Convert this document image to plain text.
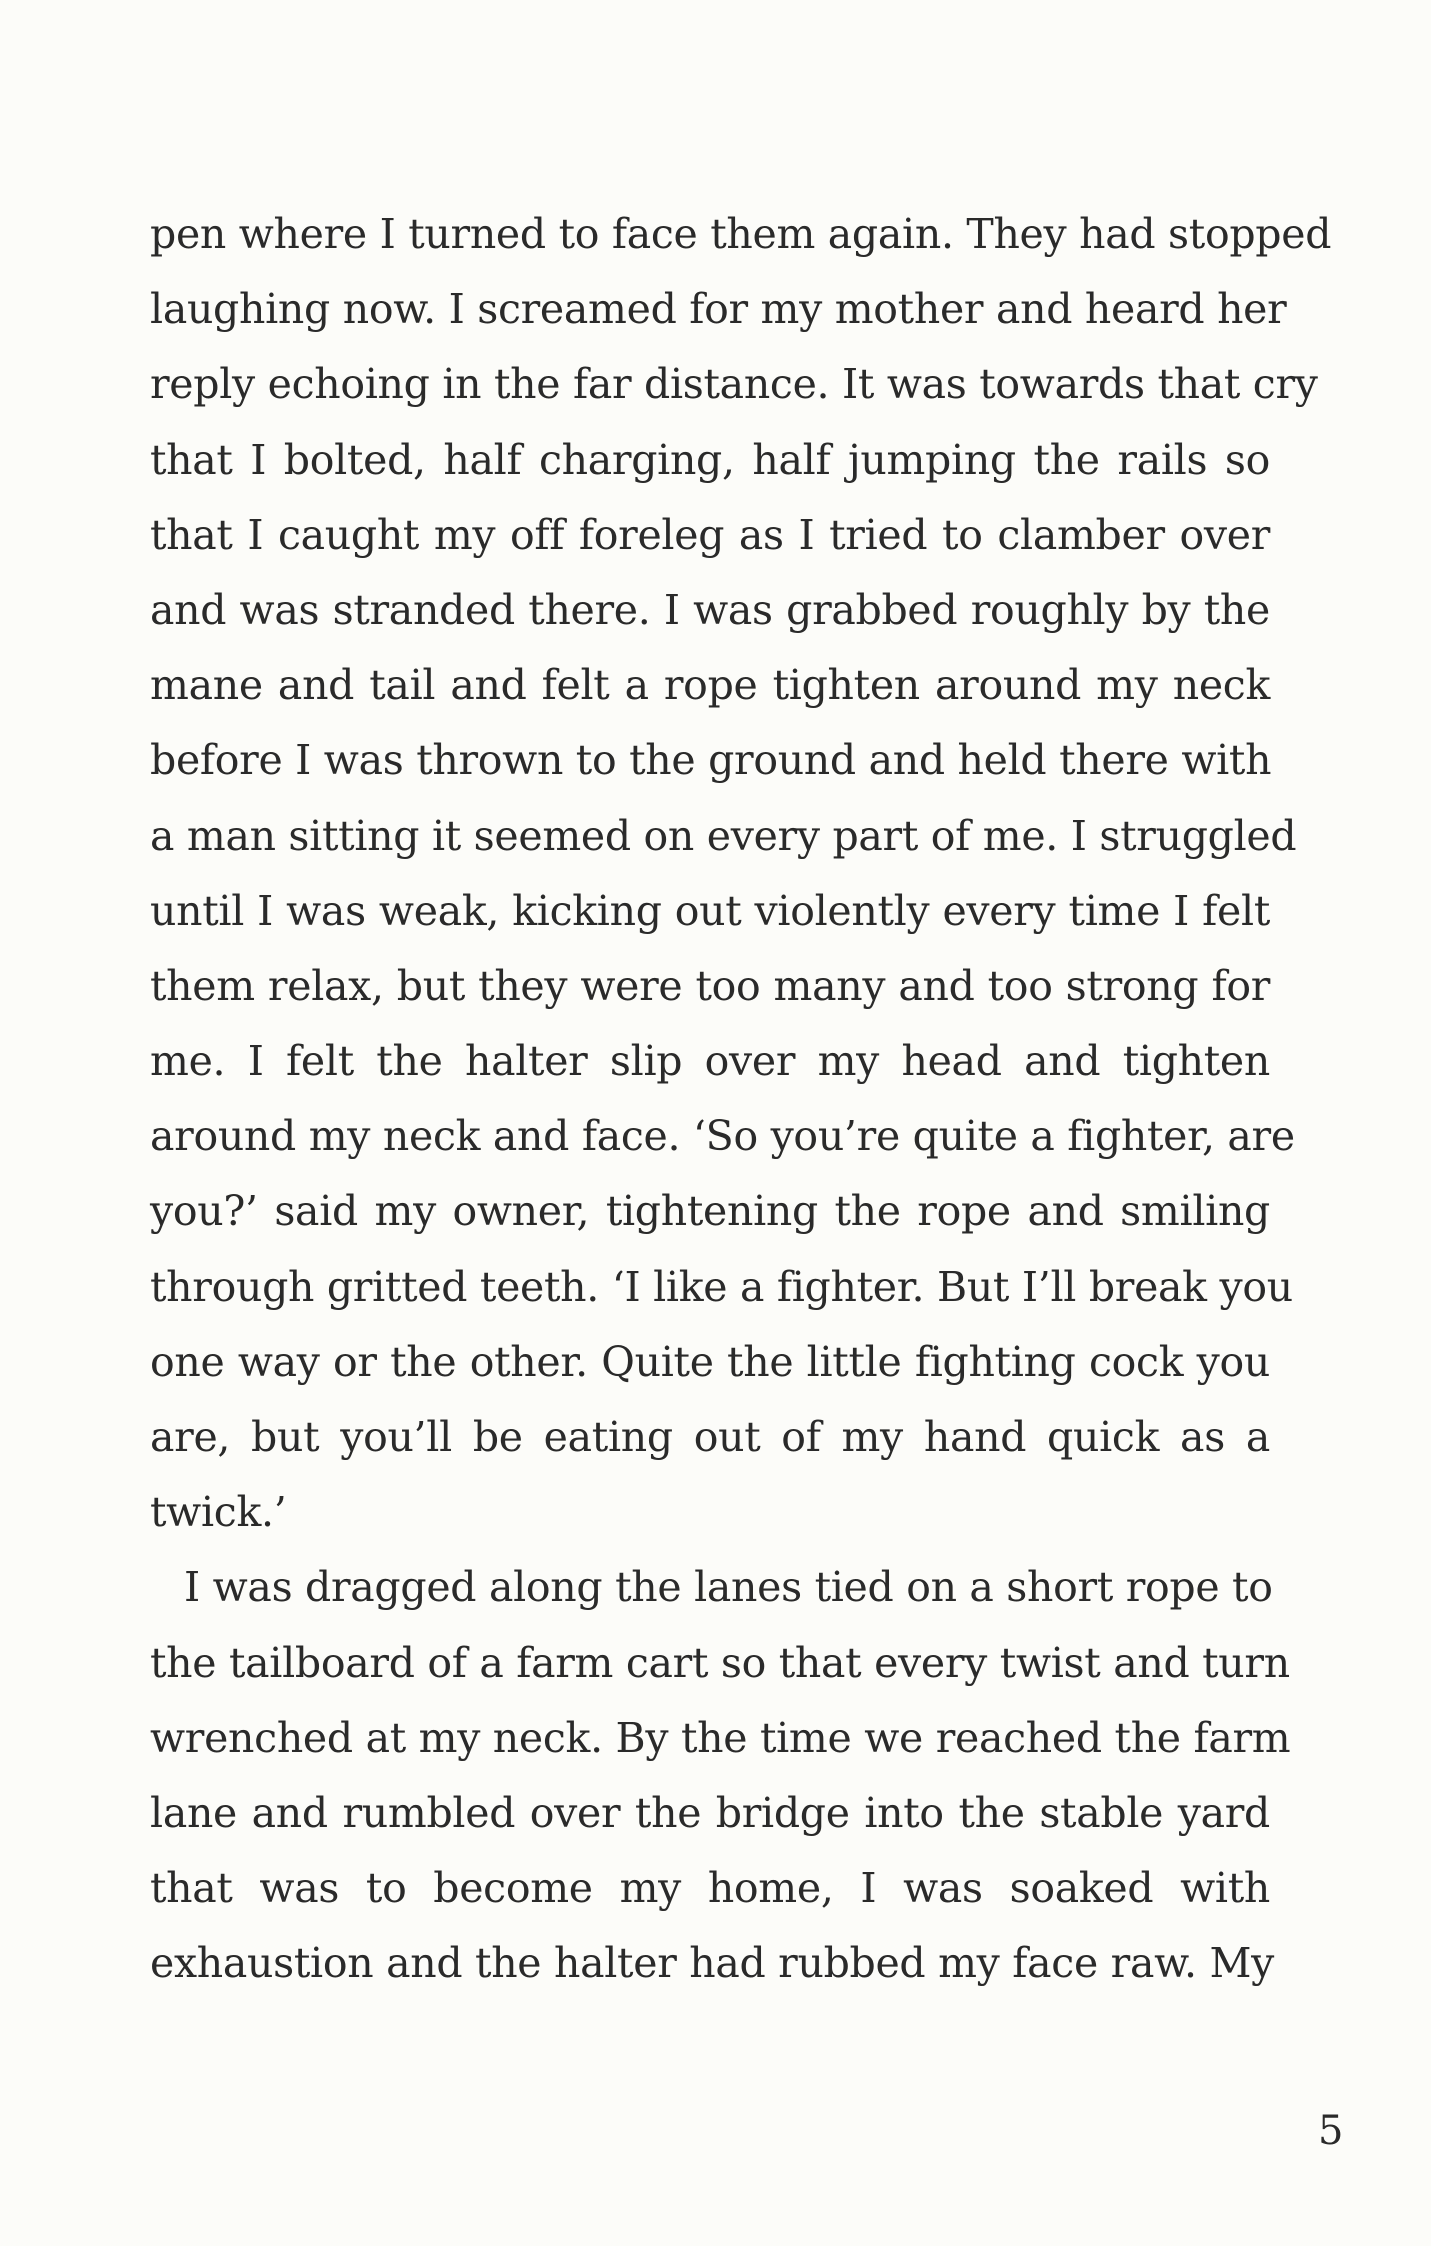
pen where I turned to face them again. They had stopped
laughing now. I screamed for my mother and heard her
reply echoing in the far distance. It was towards that cry
that I bolted, half charging, half jumping the rails so
that I caught my off foreleg as I tried to clamber over
and was stranded there. I was grabbed roughly by the
mane and tail and felt a rope tighten around my neck
before I was thrown to the ground and held there with
a man sitting it seemed on every part of me. I struggled
until I was weak, kicking out violently every time I felt
them relax, but they were too many and too strong for
me. I felt the halter slip over my head and tighten
around my neck and face. ‘So you’re quite a fighter, are
you?’ said my owner, tightening the rope and smiling
through gritted teeth. ‘I like a fighter. But I’ll break you
one way or the other. Quite the little fighting cock you
are, but you’ll be eating out of my hand quick as a
twick.’
I was dragged along the lanes tied on a short rope to
the tailboard of a farm cart so that every twist and turn
wrenched at my neck. By the time we reached the farm
lane and rumbled over the bridge into the stable yard
that was to become my home, I was soaked with
exhaustion and the halter had rubbed my face raw. My
5
